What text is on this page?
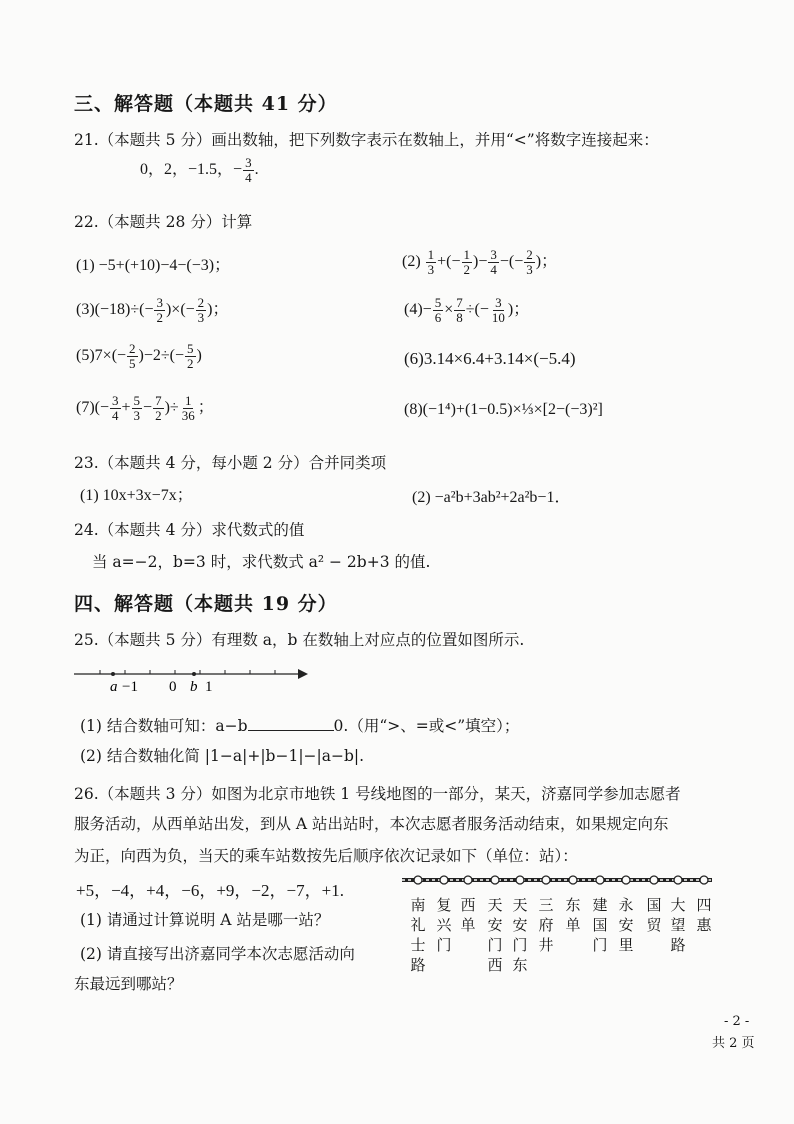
三、解答题（本题共 41 分）
21.（本题共 5 分）画出数轴，把下列数字表示在数轴上，并用“<”将数字连接起来：
0，2，−1.5，− $\frac{3}{4}$ .
22.（本题共 28 分）计算
(1) −5+(+10)−4−(−3)；	$(2) \frac{1}{3}$ +(− $\frac{1}{2}$ )− $\frac{3}{4}$ −(− $\frac{2}{3}$ )；
$(3)(-18)\div(- \frac{3}{2}$ )×(− $\frac{2}{3}$ )；	$(4)- \frac{5}{6} \times \frac{7}{8}$ ÷(− $\frac{3}{10}$ )；
$(5)7\times(- \frac{2}{5} )-2\div(- \frac{5}{2}$ )	(6)3.14×6.4+3.14×(−5.4)
$(7)(- \frac{3}{4} + \frac{5}{3} - \frac{7}{2}$ )÷ $\frac{1}{36}$ ；	(8)(−1⁴)+(1−0.5)×⅓×[2−(−3)²]
23.（本题共 4 分，每小题 2 分）合并同类项
(1) 10x+3x−7x；	(2) −a²b+3ab²+2a²b−1．
24.（本题共 4 分）求代数式的值
当 a=−2，b=3 时，求代数式 a² − 2b+3 的值.
四、解答题（本题共 19 分）
25.（本题共 5 分）有理数 a，b 在数轴上对应点的位置如图所示.
a −1 0 b 1
(1) 结合数轴可知：a−b	0.（用“>、=或<”填空）；
(2) 结合数轴化简 |1−a|+|b−1|−|a−b|.
26.（本题共 3 分）如图为北京市地铁 1 号线地图的一部分，某天，济嘉同学参加志愿者
服务活动，从西单站出发，到从 A 站出站时，本次志愿者服务活动结束，如果规定向东
为正，向西为负，当天的乘车站数按先后顺序依次记录如下（单位：站）：
+5，−4，+4，−6，+9，−2，−7，+1.
(1) 请通过计算说明 A 站是哪一站？
(2) 请直接写出济嘉同学本次志愿活动向
东最远到哪站？
南
礼
士
路
复
兴
门
西
单
天
安
门
西
天
安
门
东
三
府
井
东
单
建
国
门
永
安
里
国
贸
大
望
路
四
惠
- 2 -
共 2 页
